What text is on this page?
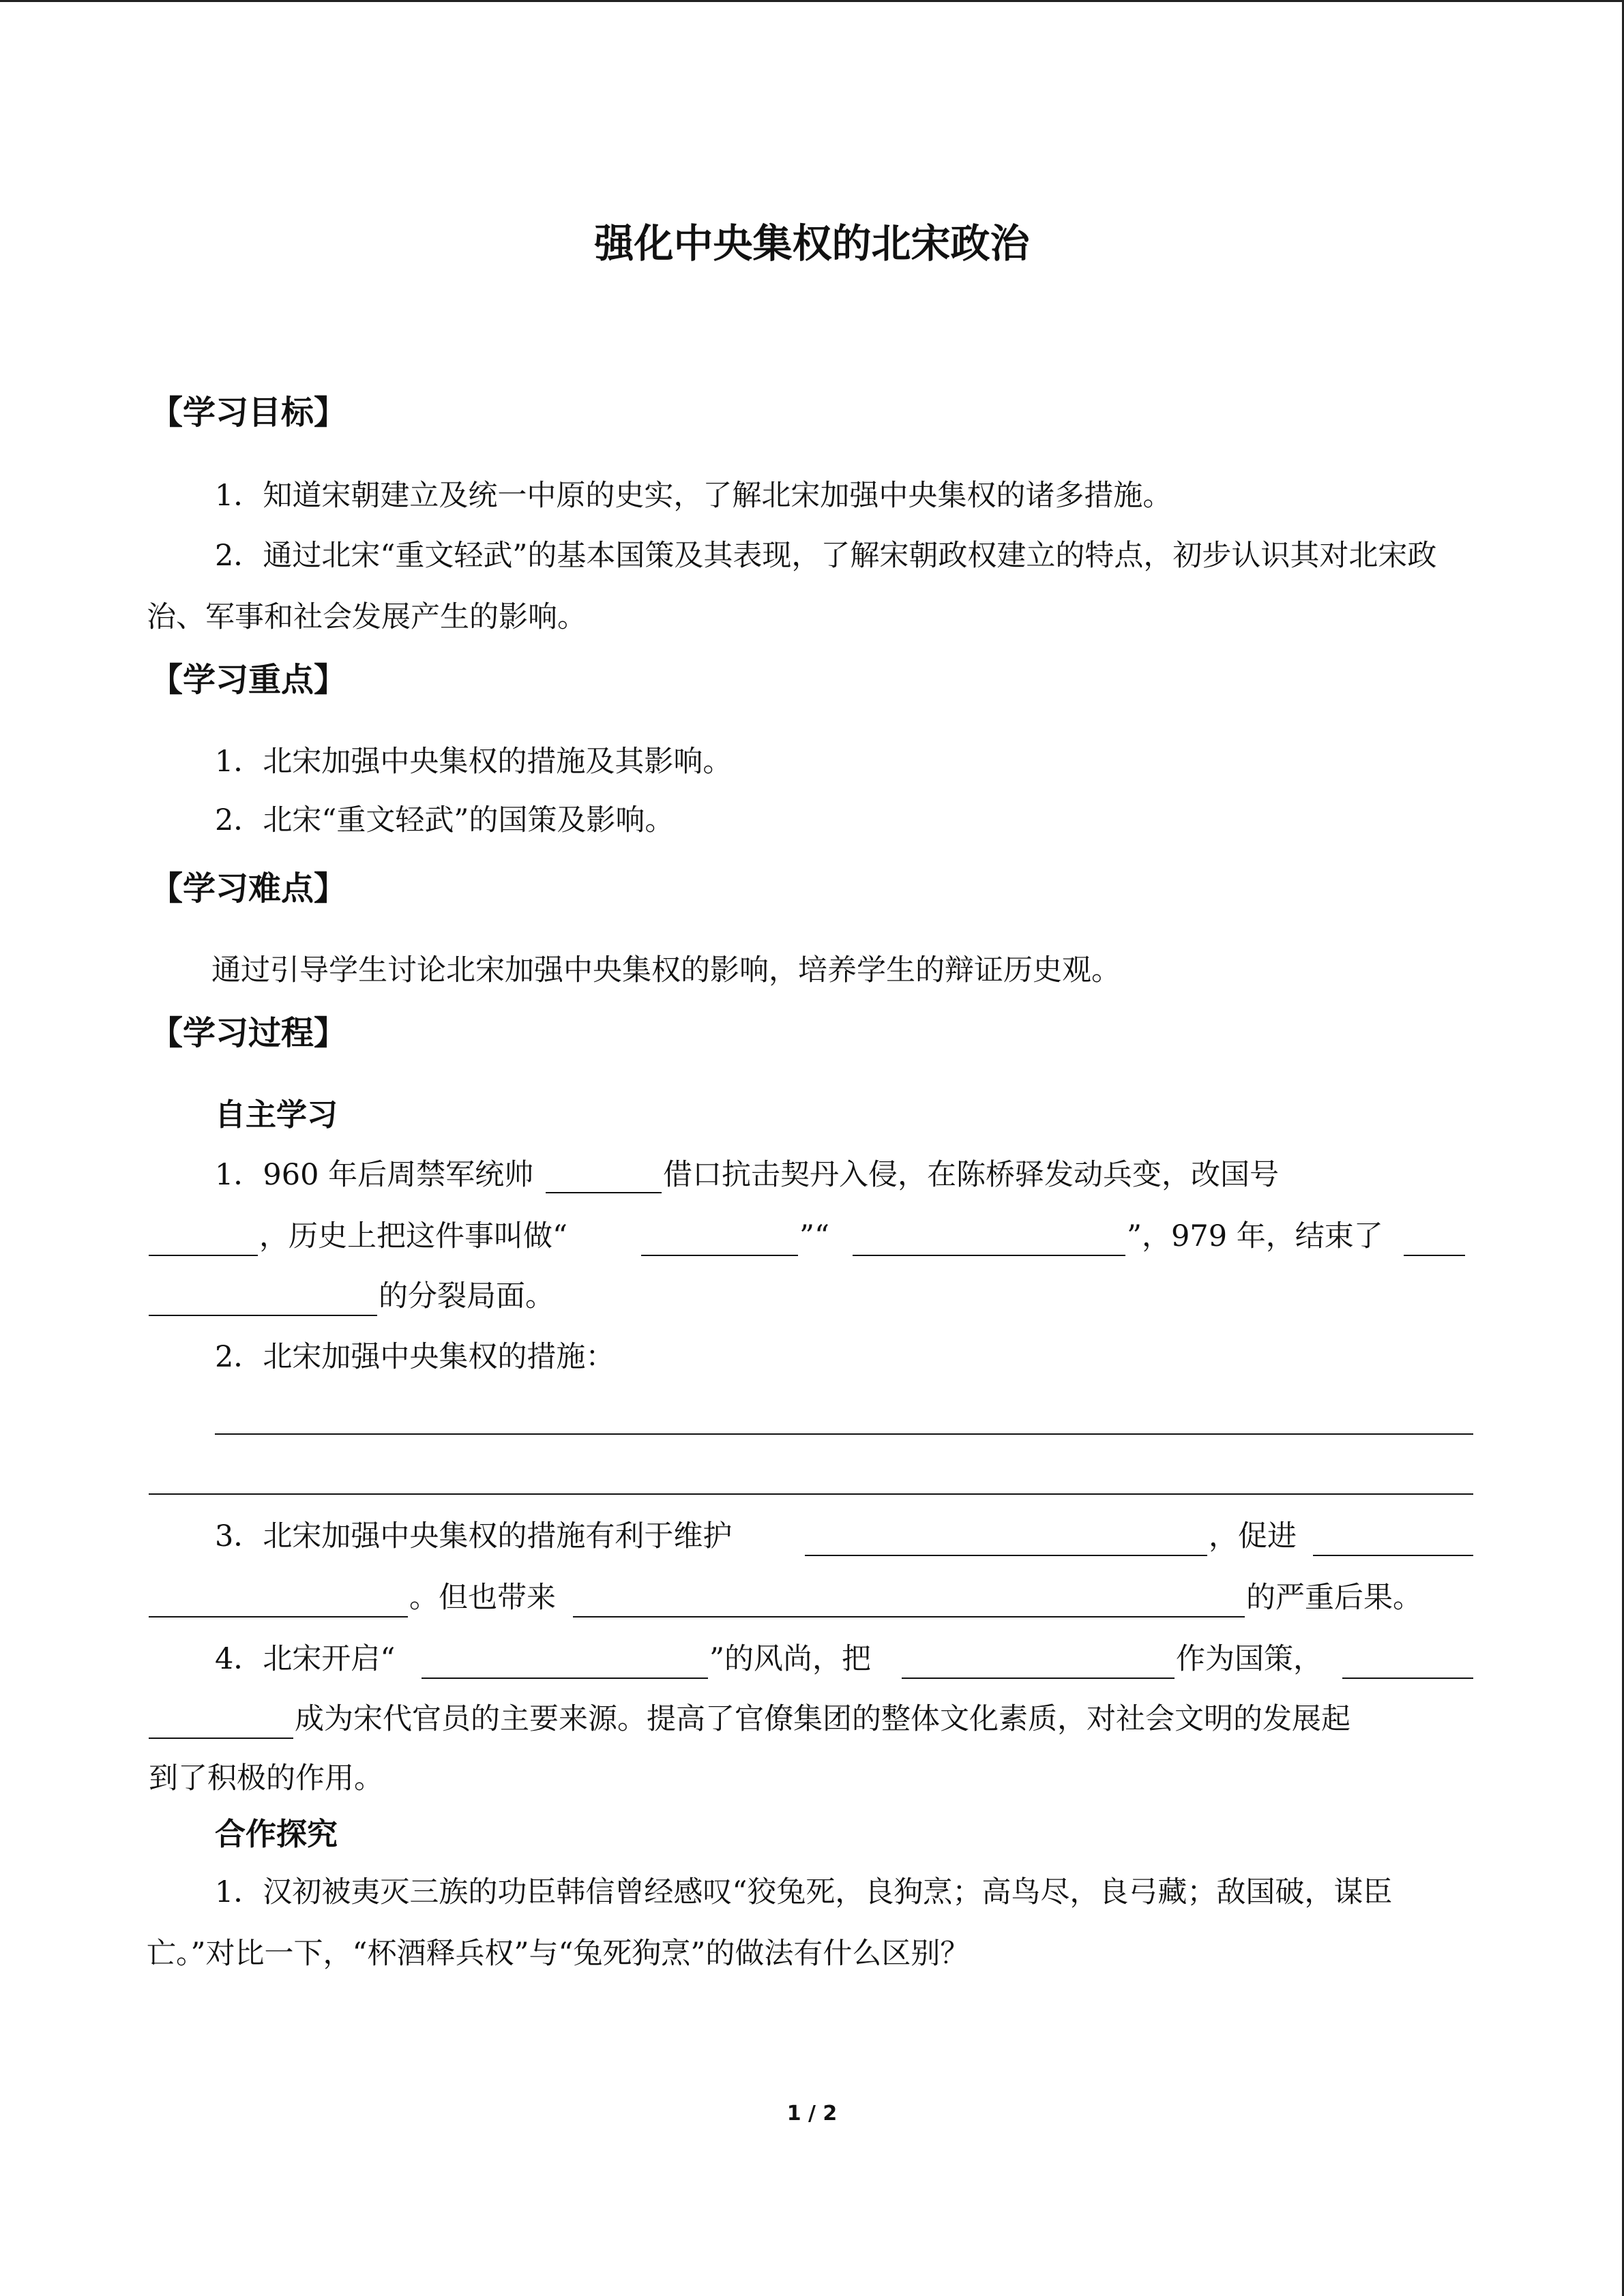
强化中央集权的北宋政治
【学习目标】

1．知道宋朝建立及统一中原的史实，了解北宋加强中央集权的诸多措施。

2．通过北宋“重文轻武”的基本国策及其表现，了解宋朝政权建立的特点，初步认识其对北宋政治、军事和社会发展产生的影响。

【学习重点】

1．北宋加强中央集权的措施及其影响。

2．北宋“重文轻武”的国策及影响。

【学习难点】

通过引导学生讨论北宋加强中央集权的影响，培养学生的辩证历史观。

【学习过程】
自主学习
1．960 年后周禁军统帅	借口抗击契丹入侵，在陈桥驿发动兵变，改国号
，历史上把这件事叫做“	”“	”，979 年，结束了
的分裂局面。
2．北宋加强中央集权的措施：
3．北宋加强中央集权的措施有利于维护	，促进
。但也带来	的严重后果。
4．北宋开启“	”的风尚，把	作为国策，
成为宋代官员的主要来源。提高了官僚集团的整体文化素质，对社会文明的发展起
到了积极的作用。
合作探究

1．汉初被夷灭三族的功臣韩信曾经感叹“狡兔死，良狗烹；高鸟尽，良弓藏；敌国破，谋臣亡。”对比一下，“杯酒释兵权”与“兔死狗烹”的做法有什么区别？

1 / 2
